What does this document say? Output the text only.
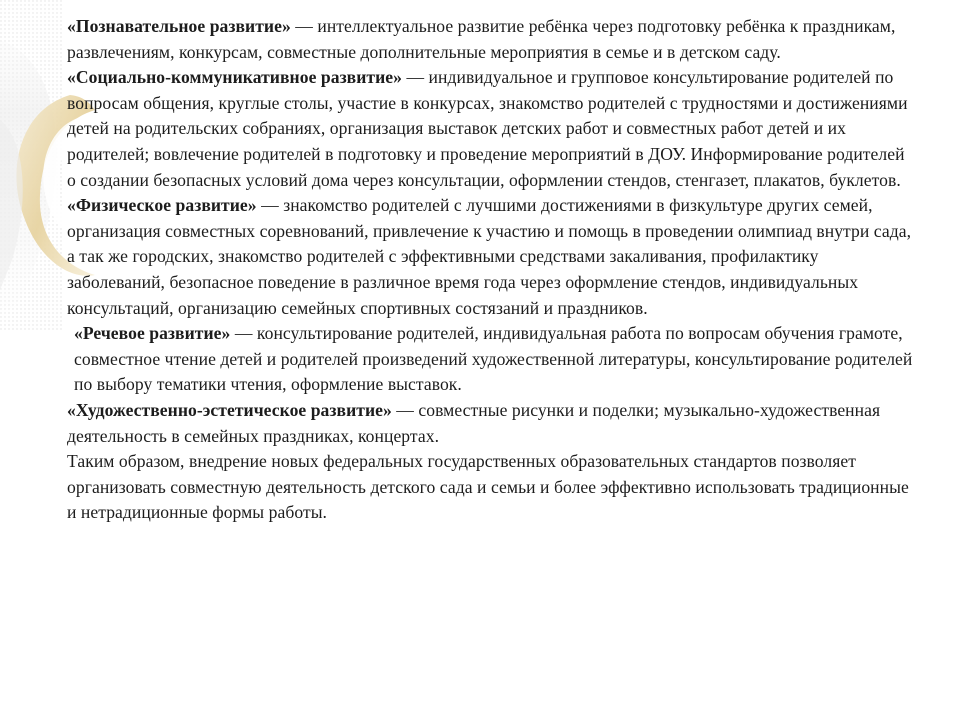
«Познавательное развитие» — интеллектуальное развитие ребёнка через подготовку ребёнка к праздникам, развлечениям, конкурсам, совместные дополнительные мероприятия в семье и в детском саду.

«Социально-коммуникативное развитие» — индивидуальное и групповое консультирование родителей по вопросам общения, круглые столы, участие в конкурсах, знакомство родителей с трудностями и достижениями детей на родительских собраниях, организация выставок детских работ и совместных работ детей и их родителей; вовлечение родителей в подготовку и проведение мероприятий в ДОУ. Информирование родителей о создании безопасных условий дома через консультации, оформлении стендов, стенгазет, плакатов, буклетов.

«Физическое развитие» — знакомство родителей с лучшими достижениями в физкультуре других семей, организация совместных соревнований, привлечение к участию и помощь в проведении олимпиад внутри сада, а так же городских, знакомство родителей с эффективными средствами закаливания, профилактику заболеваний, безопасное поведение в различное время года через оформление стендов, индивидуальных консультаций, организацию семейных спортивных состязаний и праздников.

«Речевое развитие» — консультирование родителей, индивидуальная работа по вопросам обучения грамоте, совместное чтение детей и родителей произведений художественной литературы, консультирование родителей по выбору тематики чтения, оформление выставок.

«Художественно-эстетическое развитие» — совместные рисунки и поделки; музыкально-художественная деятельность в семейных праздниках, концертах.

Таким образом, внедрение новых федеральных государственных образовательных стандартов позволяет организовать совместную деятельность детского сада и семьи и более эффективно использовать традиционные и нетрадиционные формы работы.
